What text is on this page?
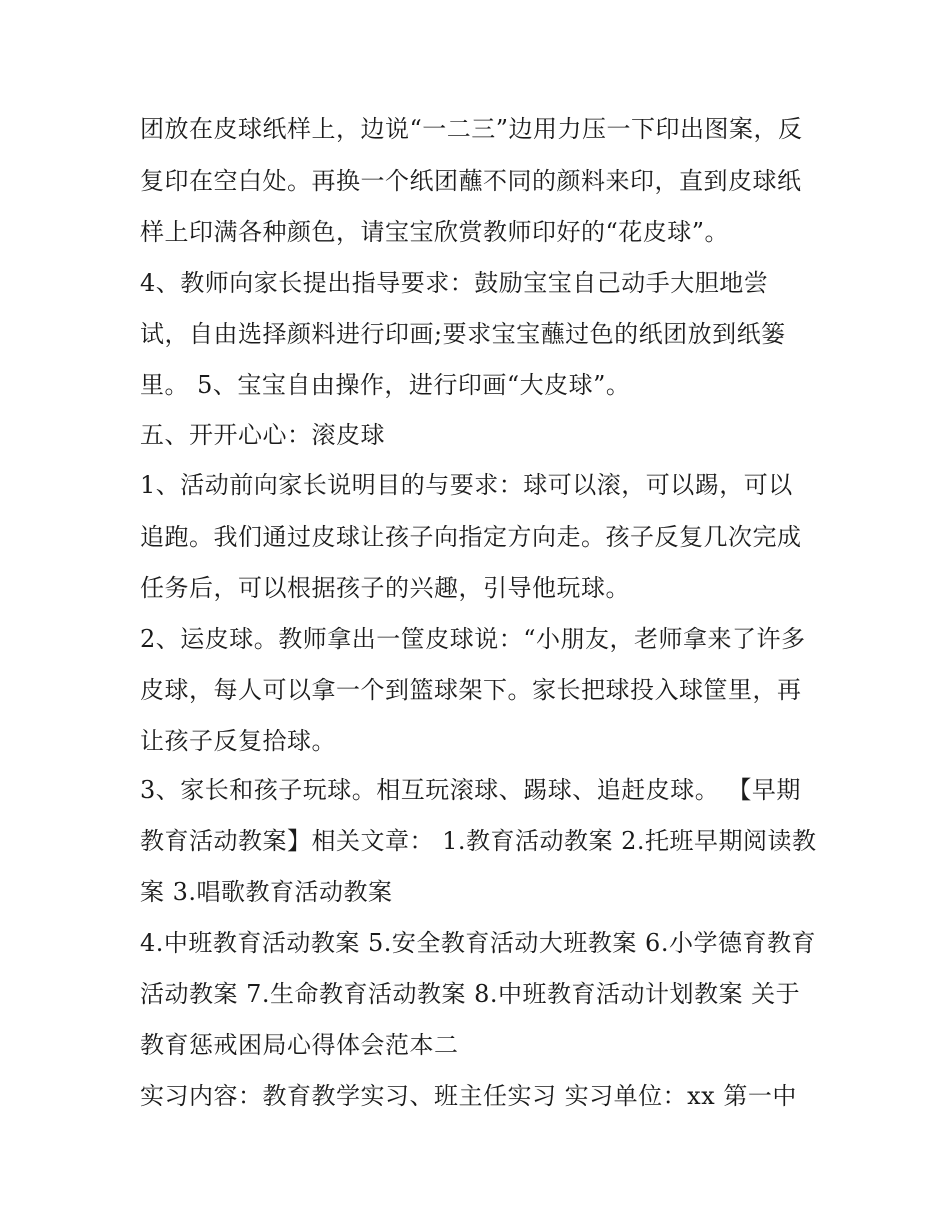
团放在皮球纸样上，边说“一二三”边用力压一下印出图案，反
复印在空白处。再换一个纸团蘸不同的颜料来印，直到皮球纸
样上印满各种颜色，请宝宝欣赏教师印好的“花皮球”。
4、教师向家长提出指导要求：鼓励宝宝自己动手大胆地尝
试，自由选择颜料进行印画;要求宝宝蘸过色的纸团放到纸篓
里。 5、宝宝自由操作，进行印画“大皮球”。
五、开开心心：滚皮球
1、活动前向家长说明目的与要求：球可以滚，可以踢，可以
追跑。我们通过皮球让孩子向指定方向走。孩子反复几次完成
任务后，可以根据孩子的兴趣，引导他玩球。
2、运皮球。教师拿出一筐皮球说：“小朋友，老师拿来了许多
皮球，每人可以拿一个到篮球架下。家长把球投入球筐里，再
让孩子反复拾球。
3、家长和孩子玩球。相互玩滚球、踢球、追赶皮球。 【早期
教育活动教案】相关文章： 1.教育活动教案 2.托班早期阅读教
案 3.唱歌教育活动教案
4.中班教育活动教案 5.安全教育活动大班教案 6.小学德育教育
活动教案 7.生命教育活动教案 8.中班教育活动计划教案 关于
教育惩戒困局心得体会范本二
实习内容：教育教学实习、班主任实习 实习单位：xx 第一中
